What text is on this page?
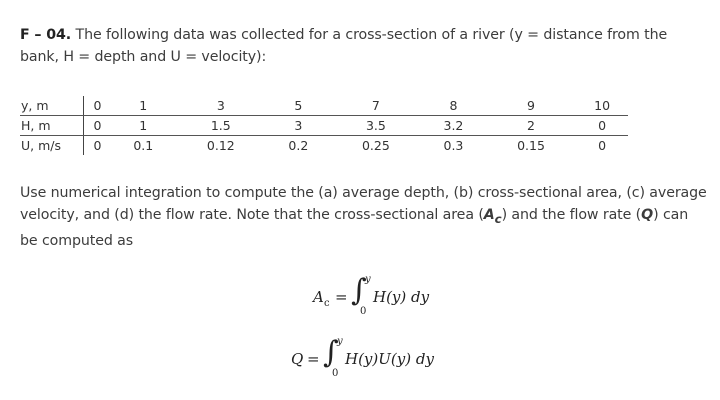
F – 04. The following data was collected for a cross-section of a river (y = distance from the bank, H = depth and U = velocity):
y, m	0	1	3	5	7	8	9	10
H, m	0	1	1.5	3	3.5	3.2	2	0
U, m/s	0	0.1	0.12	0.2	0.25	0.3	0.15	0
Use numerical integration to compute the (a) average depth, (b) cross-sectional area, (c) average velocity, and (d) the flow rate. Note that the cross-sectional area $(A_c)$ and the flow rate (Q) can be computed as
A c = ∫
y
0
H(y) dy
Q = ∫
y
0
H(y)U(y) dy
